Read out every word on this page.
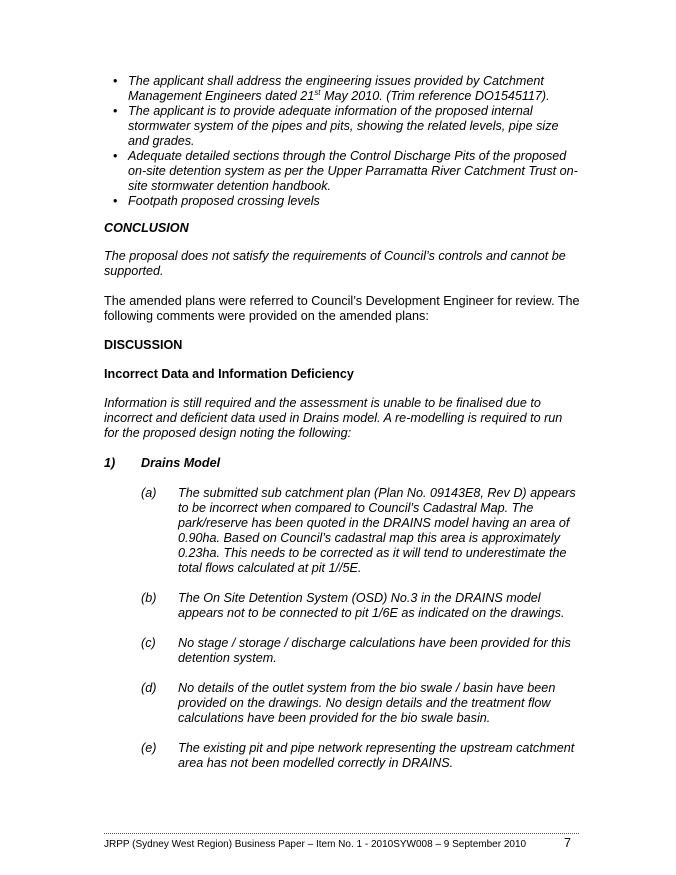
• The applicant shall address the engineering issues provided by Catchment Management Engineers dated 21st May 2010. (Trim reference DO1545117).
• The applicant is to provide adequate information of the proposed internal stormwater system of the pipes and pits, showing the related levels, pipe size and grades.
• Adequate detailed sections through the Control Discharge Pits of the proposed on-site detention system as per the Upper Parramatta River Catchment Trust on-site stormwater detention handbook.
• Footpath proposed crossing levels
CONCLUSION
The proposal does not satisfy the requirements of Council’s controls and cannot be supported.
The amended plans were referred to Council’s Development Engineer for review. The following comments were provided on the amended plans:
DISCUSSION
Incorrect Data and Information Deficiency
Information is still required and the assessment is unable to be finalised due to incorrect and deficient data used in Drains model. A re-modelling is required to run for the proposed design noting the following:
1) Drains Model
(a) The submitted sub catchment plan (Plan No. 09143E8, Rev D) appears to be incorrect when compared to Council’s Cadastral Map. The park/reserve has been quoted in the DRAINS model having an area of 0.90ha. Based on Council’s cadastral map this area is approximately 0.23ha. This needs to be corrected as it will tend to underestimate the total flows calculated at pit 1//5E.
(b) The On Site Detention System (OSD) No.3 in the DRAINS model appears not to be connected to pit 1/6E as indicated on the drawings.
(c) No stage / storage / discharge calculations have been provided for this detention system.
(d) No details of the outlet system from the bio swale / basin have been provided on the drawings. No design details and the treatment flow calculations have been provided for the bio swale basin.
(e) The existing pit and pipe network representing the upstream catchment area has not been modelled correctly in DRAINS.
JRPP (Sydney West Region) Business Paper – Item No. 1 - 2010SYW008 – 9 September 2010	7
